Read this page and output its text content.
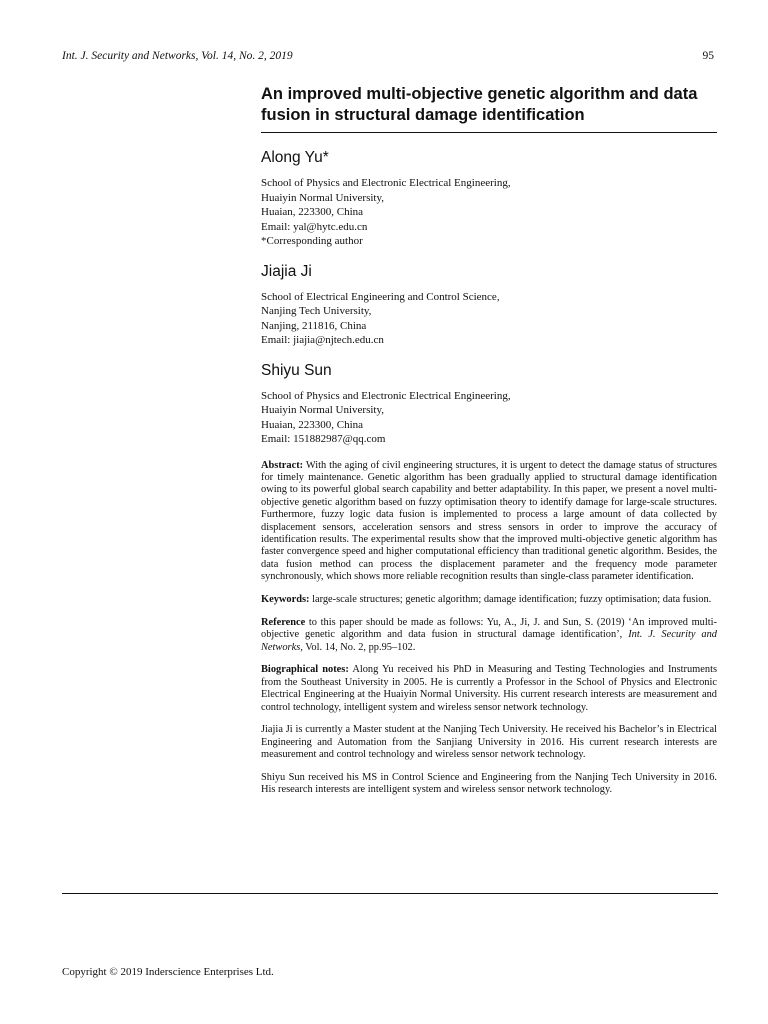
Int. J. Security and Networks, Vol. 14, No. 2, 2019	95
An improved multi-objective genetic algorithm and data fusion in structural damage identification
Along Yu*
School of Physics and Electronic Electrical Engineering,
Huaiyin Normal University,
Huaian, 223300, China
Email: yal@hytc.edu.cn
*Corresponding author
Jiajia Ji
School of Electrical Engineering and Control Science,
Nanjing Tech University,
Nanjing, 211816, China
Email: jiajia@njtech.edu.cn
Shiyu Sun
School of Physics and Electronic Electrical Engineering,
Huaiyin Normal University,
Huaian, 223300, China
Email: 151882987@qq.com

Abstract: With the aging of civil engineering structures, it is urgent to detect the damage status of structures for timely maintenance. Genetic algorithm has been gradually applied to structural damage identification owing to its powerful global search capability and better adaptability. In this paper, we present a novel multi-objective genetic algorithm based on fuzzy optimisation theory to identify damage for large-scale structures. Furthermore, fuzzy logic data fusion is implemented to process a large amount of data collected by displacement sensors, acceleration sensors and stress sensors in order to improve the accuracy of identification results. The experimental results show that the improved multi-objective genetic algorithm has faster convergence speed and higher computational efficiency than traditional genetic algorithm. Besides, the data fusion method can process the displacement parameter and the frequency mode parameter synchronously, which shows more reliable recognition results than single-class parameter identification.

Keywords: large-scale structures; genetic algorithm; damage identification; fuzzy optimisation; data fusion.

Reference to this paper should be made as follows: Yu, A., Ji, J. and Sun, S. (2019) ‘An improved multi-objective genetic algorithm and data fusion in structural damage identification’, Int. J. Security and Networks, Vol. 14, No. 2, pp.95–102.

Biographical notes: Along Yu received his PhD in Measuring and Testing Technologies and Instruments from the Southeast University in 2005. He is currently a Professor in the School of Physics and Electronic Electrical Engineering at the Huaiyin Normal University. His current research interests are measurement and control technology, intelligent system and wireless sensor network technology.

Jiajia Ji is currently a Master student at the Nanjing Tech University. He received his Bachelor’s in Electrical Engineering and Automation from the Sanjiang University in 2016. His current research interests are measurement and control technology and wireless sensor network technology.

Shiyu Sun received his MS in Control Science and Engineering from the Nanjing Tech University in 2016. His research interests are intelligent system and wireless sensor network technology.

Copyright © 2019 Inderscience Enterprises Ltd.
